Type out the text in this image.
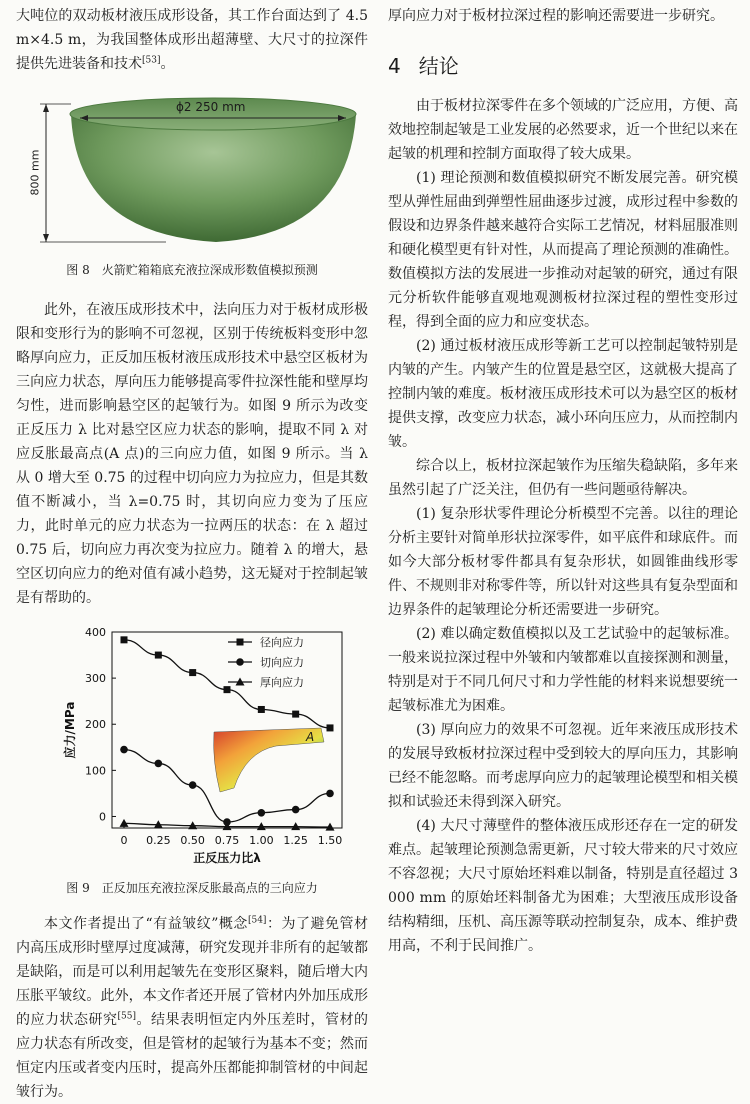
大吨位的双动板材液压成形设备，其工作台面达到了 4.5 m×4.5 m，为我国整体成形出超薄壁、大尺寸的拉深件提供先进装备和技术[53]。

ϕ2 250 mm
800 mm

图 8　火箭贮箱箱底充液拉深成形数值模拟预测

此外，在液压成形技术中，法向压力对于板材成形极限和变形行为的影响不可忽视，区别于传统板料变形中忽略厚向应力，正反加压板材液压成形技术中悬空区板材为三向应力状态，厚向压力能够提高零件拉深性能和壁厚均匀性，进而影响悬空区的起皱行为。如图 9 所示为改变正反压力 λ 比对悬空区应力状态的影响，提取不同 λ 对应反胀最高点(A 点)的三向应力值，如图 9 所示。当 λ 从 0 增大至 0.75 的过程中切向应力为拉应力，但是其数值不断减小，当 λ=0.75 时，其切向应力变为了压应力，此时单元的应力状态为一拉两压的状态：在 λ 超过 0.75 后，切向应力再次变为拉应力。随着 λ 的增大，悬空区切向应力的绝对值有减小趋势，这无疑对于控制起皱是有帮助的。

0
100
200
300
400
0 0.25 0.50 0.75 1.00 1.25 1.50
正反压力比λ
应力/MPa
径向应力
切向应力
厚向应力
A

图 9　正反加压充液拉深反胀最高点的三向应力

本文作者提出了“有益皱纹”概念[54]：为了避免管材内高压成形时壁厚过度减薄，研究发现并非所有的起皱都是缺陷，而是可以利用起皱先在变形区聚料，随后增大内压胀平皱纹。此外，本文作者还开展了管材内外加压成形的应力状态研究[55]。结果表明恒定内外压差时，管材的应力状态有所改变，但是管材的起皱行为基本不变；然而恒定内压或者变内压时，提高外压都能抑制管材的中间起皱行为。

厚向应力对于板材拉深过程的影响还需要进一步研究。

4 结论

由于板材拉深零件在多个领域的广泛应用，方便、高效地控制起皱是工业发展的必然要求，近一个世纪以来在起皱的机理和控制方面取得了较大成果。

(1) 理论预测和数值模拟研究不断发展完善。研究模型从弹性屈曲到弹塑性屈曲逐步过渡，成形过程中参数的假设和边界条件越来越符合实际工艺情况，材料屈服准则和硬化模型更有针对性，从而提高了理论预测的准确性。数值模拟方法的发展进一步推动对起皱的研究，通过有限元分析软件能够直观地观测板材拉深过程的塑性变形过程，得到全面的应力和应变状态。

(2) 通过板材液压成形等新工艺可以控制起皱特别是内皱的产生。内皱产生的位置是悬空区，这就极大提高了控制内皱的难度。板材液压成形技术可以为悬空区的板材提供支撑，改变应力状态，减小环向压应力，从而控制内皱。

综合以上，板材拉深起皱作为压缩失稳缺陷，多年来虽然引起了广泛关注，但仍有一些问题亟待解决。

(1) 复杂形状零件理论分析模型不完善。以往的理论分析主要针对简单形状拉深零件，如平底件和球底件。而如今大部分板材零件都具有复杂形状，如圆锥曲线形零件、不规则非对称零件等，所以针对这些具有复杂型面和边界条件的起皱理论分析还需要进一步研究。

(2) 难以确定数值模拟以及工艺试验中的起皱标准。一般来说拉深过程中外皱和内皱都难以直接探测和测量，特别是对于不同几何尺寸和力学性能的材料来说想要统一起皱标准尤为困难。

(3) 厚向应力的效果不可忽视。近年来液压成形技术的发展导致板材拉深过程中受到较大的厚向压力，其影响已经不能忽略。而考虑厚向应力的起皱理论模型和相关模拟和试验还未得到深入研究。

(4) 大尺寸薄壁件的整体液压成形还存在一定的研发难点。起皱理论预测急需更新，尺寸较大带来的尺寸效应不容忽视；大尺寸原始坯料难以制备，特别是直径超过 3 000 mm 的原始坯料制备尤为困难；大型液压成形设备结构精细，压机、高压源等联动控制复杂，成本、维护费用高，不利于民间推广。
